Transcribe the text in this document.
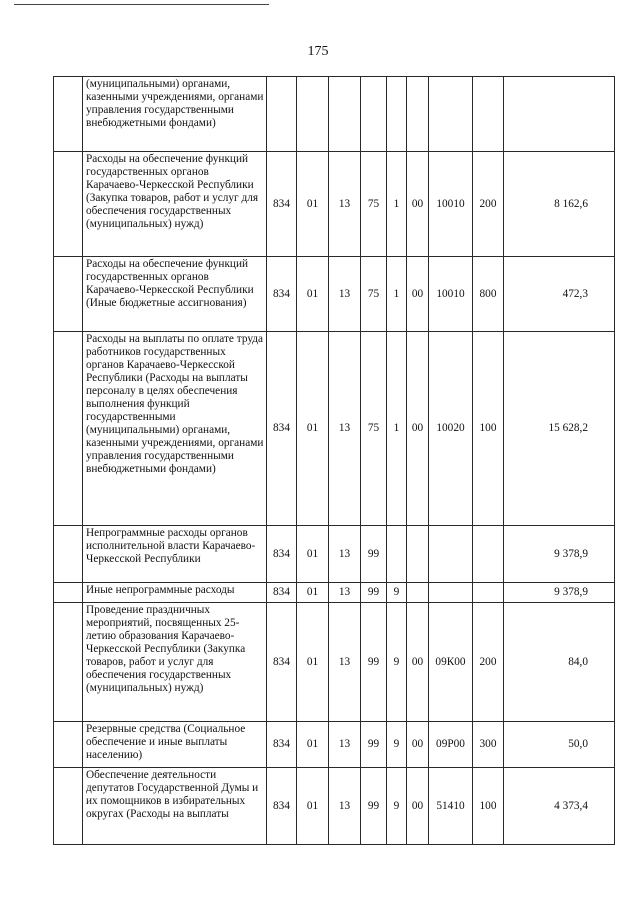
175
	(муниципальными) органами, казенными учреждениями, органами управления государственными внебюджетными фондами)									
	Расходы на обеспечение функций государственных органов Карачаево-Черкесской Республики (Закупка товаров, работ и услуг для обеспечения государственных (муниципальных) нужд)	834	01	13	75	1	00	10010	200	8 162,6
	Расходы на обеспечение функций государственных органов Карачаево-Черкесской Республики (Иные бюджетные ассигнования)	834	01	13	75	1	00	10010	800	472,3
	Расходы на выплаты по оплате труда работников государственных органов Карачаево-Черкесской Республики (Расходы на выплаты персоналу в целях обеспечения выполнения функций государственными (муниципальными) органами, казенными учреждениями, органами управления государственными внебюджетными фондами)	834	01	13	75	1	00	10020	100	15 628,2
	Непрограммные расходы органов исполнительной власти Карачаево-Черкесской Республики	834	01	13	99					9 378,9
	Иные непрограммные расходы	834	01	13	99	9				9 378,9
	Проведение праздничных мероприятий, посвященных 25-летию образования Карачаево-Черкесской Республики (Закупка товаров, работ и услуг для обеспечения государственных (муниципальных) нужд)	834	01	13	99	9	00	09К00	200	84,0
	Резервные средства (Социальное обеспечение и иные выплаты населению)	834	01	13	99	9	00	09Р00	300	50,0
	Обеспечение деятельности депутатов Государственной Думы и их помощников в избирательных округах (Расходы на выплаты	834	01	13	99	9	00	51410	100	4 373,4
